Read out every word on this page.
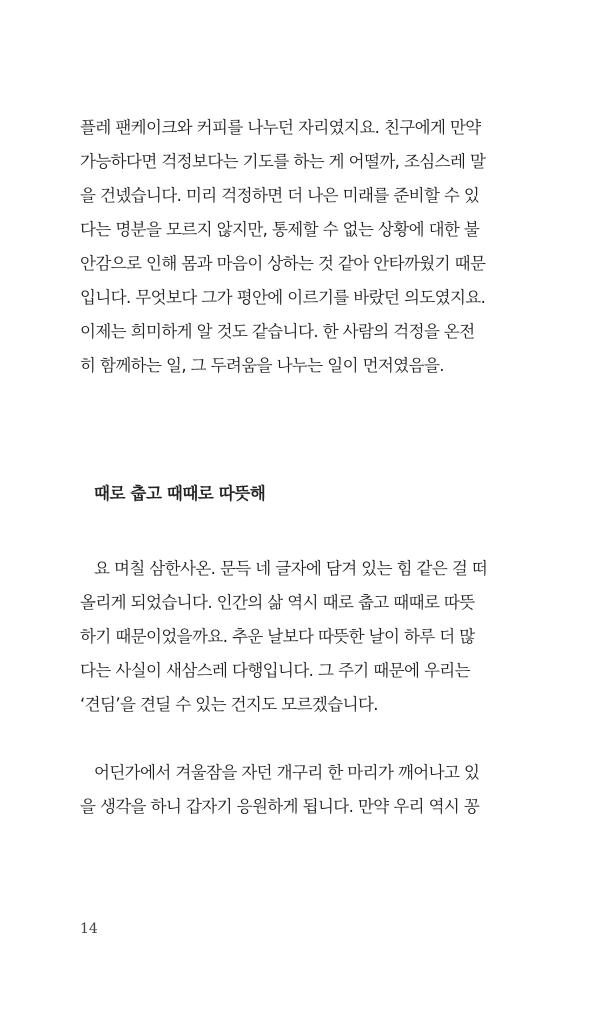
플레 팬케이크와 커피를 나누던 자리였지요. 친구에게 만약
가능하다면 걱정보다는 기도를 하는 게 어떨까, 조심스레 말
을 건넸습니다. 미리 걱정하면 더 나은 미래를 준비할 수 있
다는 명분을 모르지 않지만, 통제할 수 없는 상황에 대한 불
안감으로 인해 몸과 마음이 상하는 것 같아 안타까웠기 때문
입니다. 무엇보다 그가 평안에 이르기를 바랐던 의도였지요.
이제는 희미하게 알 것도 같습니다. 한 사람의 걱정을 온전
히 함께하는 일, 그 두려움을 나누는 일이 먼저였음을.
때로 춥고 때때로 따뜻해
요 며칠 삼한사온. 문득 네 글자에 담겨 있는 힘 같은 걸 떠
올리게 되었습니다. 인간의 삶 역시 때로 춥고 때때로 따뜻
하기 때문이었을까요. 추운 날보다 따뜻한 날이 하루 더 많
다는 사실이 새삼스레 다행입니다. 그 주기 때문에 우리는
‘견딤’을 견딜 수 있는 건지도 모르겠습니다.
어딘가에서 겨울잠을 자던 개구리 한 마리가 깨어나고 있
을 생각을 하니 갑자기 응원하게 됩니다. 만약 우리 역시 꽁
14
